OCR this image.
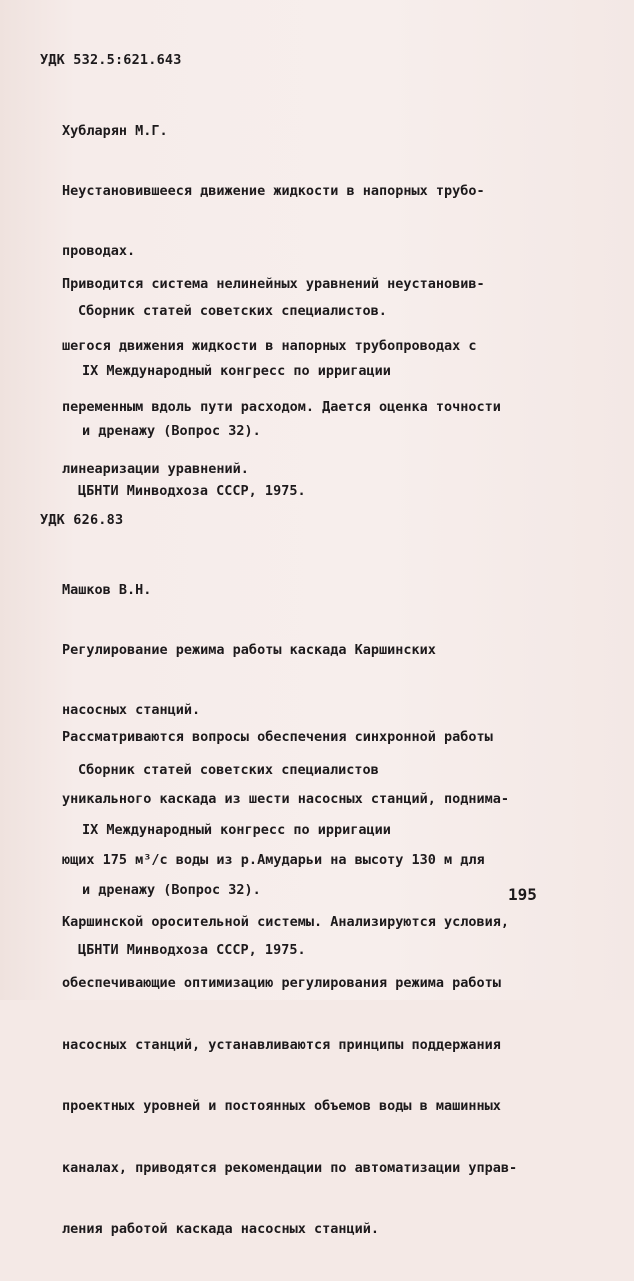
УДК 532.5:621.643

Хубларян М.Г.

Неустановившееся движение жидкости в напорных трубо-

проводах.

Сборник статей советских специалистов.

IX Международный конгресс по ирригации

и дренажу (Вопрос 32).

ЦБНТИ Минводхоза СССР, 1975.

Приводится система нелинейных уравнений неустановив-

шегося движения жидкости в напорных трубопроводах с

переменным вдоль пути расходом. Дается оценка точности

линеаризации уравнений.

УДК 626.83

Машков В.Н.

Регулирование режима работы каскада Каршинских

насосных станций.

Сборник статей советских специалистов

IX Международный конгресс по ирригации

и дренажу (Вопрос 32).

ЦБНТИ Минводхоза СССР, 1975.

Рассматриваются вопросы обеспечения синхронной работы

уникального каскада из шести насосных станций, поднима-

ющих 175 м³/с воды из р.Амударьи на высоту 130 м для

Каршинской оросительной системы. Анализируются условия,

обеспечивающие оптимизацию регулирования режима работы

насосных станций, устанавливаются принципы поддержания

проектных уровней и постоянных объемов воды в машинных

каналах, приводятся рекомендации по автоматизации управ-

ления работой каскада насосных станций.

195
